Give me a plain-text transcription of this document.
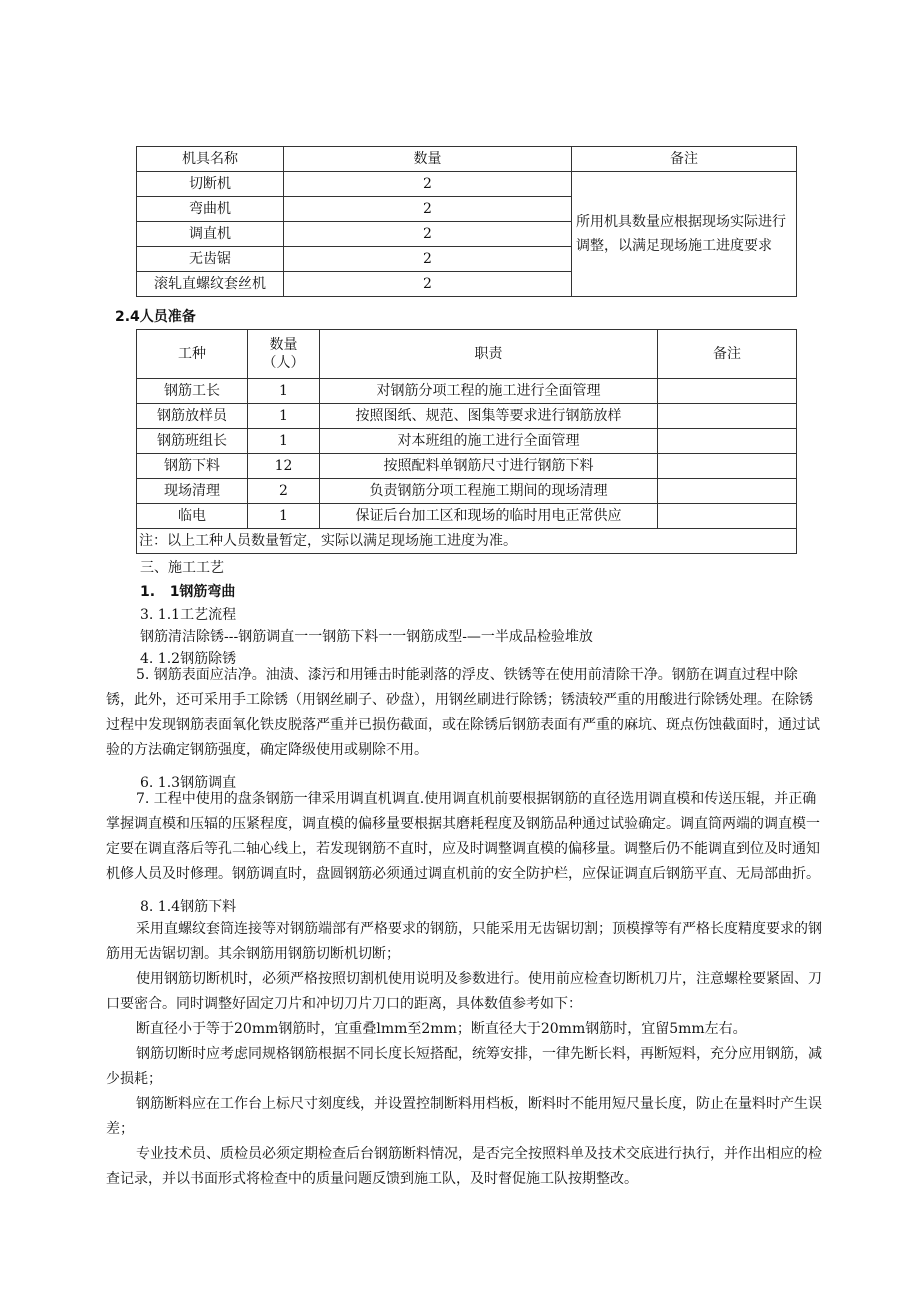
机具名称	数量	备注
切断机	2	所用机具数量应根据现场实际进行调整，以满足现场施工进度要求
弯曲机	2	
调直机	2	
无齿锯	2	
滚轧直螺纹套丝机	2	
2.4人员准备
工种	数量（人）	职责	备注
钢筋工长	1	对钢筋分项工程的施工进行全面管理	
钢筋放样员	1	按照图纸、规范、图集等要求进行钢筋放样	
钢筋班组长	1	对本班组的施工进行全面管理	
钢筋下料	12	按照配料单钢筋尺寸进行钢筋下料	
现场清理	2	负责钢筋分项工程施工期间的现场清理	
临电	1	保证后台加工区和现场的临时用电正常供应	
注：以上工种人员数量暂定，实际以满足现场施工进度为准。			
三、施工工艺
1. 1钢筋弯曲
3. 1.1工艺流程
钢筋清洁除锈---钢筋调直一一钢筋下料一一钢筋成型-—一半成品检验堆放
4. 1.2钢筋除锈

5. 钢筋表面应洁净。油渍、漆污和用锤击时能剥落的浮皮、铁锈等在使用前清除干净。钢筋在调直过程中除锈，此外，还可采用手工除锈（用钢丝刷子、砂盘），用钢丝刷进行除锈；锈渍较严重的用酸进行除锈处理。在除锈过程中发现钢筋表面氧化铁皮脱落严重并已损伤截面，或在除锈后钢筋表面有严重的麻坑、斑点伤蚀截面时，通过试验的方法确定钢筋强度，确定降级使用或剔除不用。

6. 1.3钢筋调直

7. 工程中使用的盘条钢筋一律采用调直机调直.使用调直机前要根据钢筋的直径选用调直模和传送压辊，并正确掌握调直模和压辐的压紧程度，调直模的偏移量要根据其磨耗程度及钢筋品种通过试验确定。调直筒两端的调直模一定要在调直落后等孔二轴心线上，若发现钢筋不直时，应及时调整调直模的偏移量。调整后仍不能调直到位及时通知机修人员及时修理。钢筋调直时，盘圆钢筋必须通过调直机前的安全防护栏，应保证调直后钢筋平直、无局部曲折。

8. 1.4钢筋下料

采用直螺纹套筒连接等对钢筋端部有严格要求的钢筋，只能采用无齿锯切割；顶模撑等有严格长度精度要求的钢筋用无齿锯切割。其余钢筋用钢筋切断机切断；

使用钢筋切断机时，必须严格按照切割机使用说明及参数进行。使用前应检查切断机刀片，注意螺栓要紧固、刀口要密合。同时调整好固定刀片和冲切刀片刀口的距离，具体数值参考如下：

断直径小于等于20mm钢筋时，宜重叠lmm至2mm；断直径大于20mm钢筋时，宜留5mm左右。

钢筋切断时应考虑同规格钢筋根据不同长度长短搭配，统筹安排，一律先断长料，再断短料，充分应用钢筋，减少损耗；

钢筋断料应在工作台上标尺寸刻度线，并设置控制断料用档板，断料时不能用短尺量长度，防止在量料时产生误差；

专业技术员、质检员必须定期检查后台钢筋断料情况，是否完全按照料单及技术交底进行执行，并作出相应的检查记录，并以书面形式将检查中的质量问题反馈到施工队，及时督促施工队按期整改。
